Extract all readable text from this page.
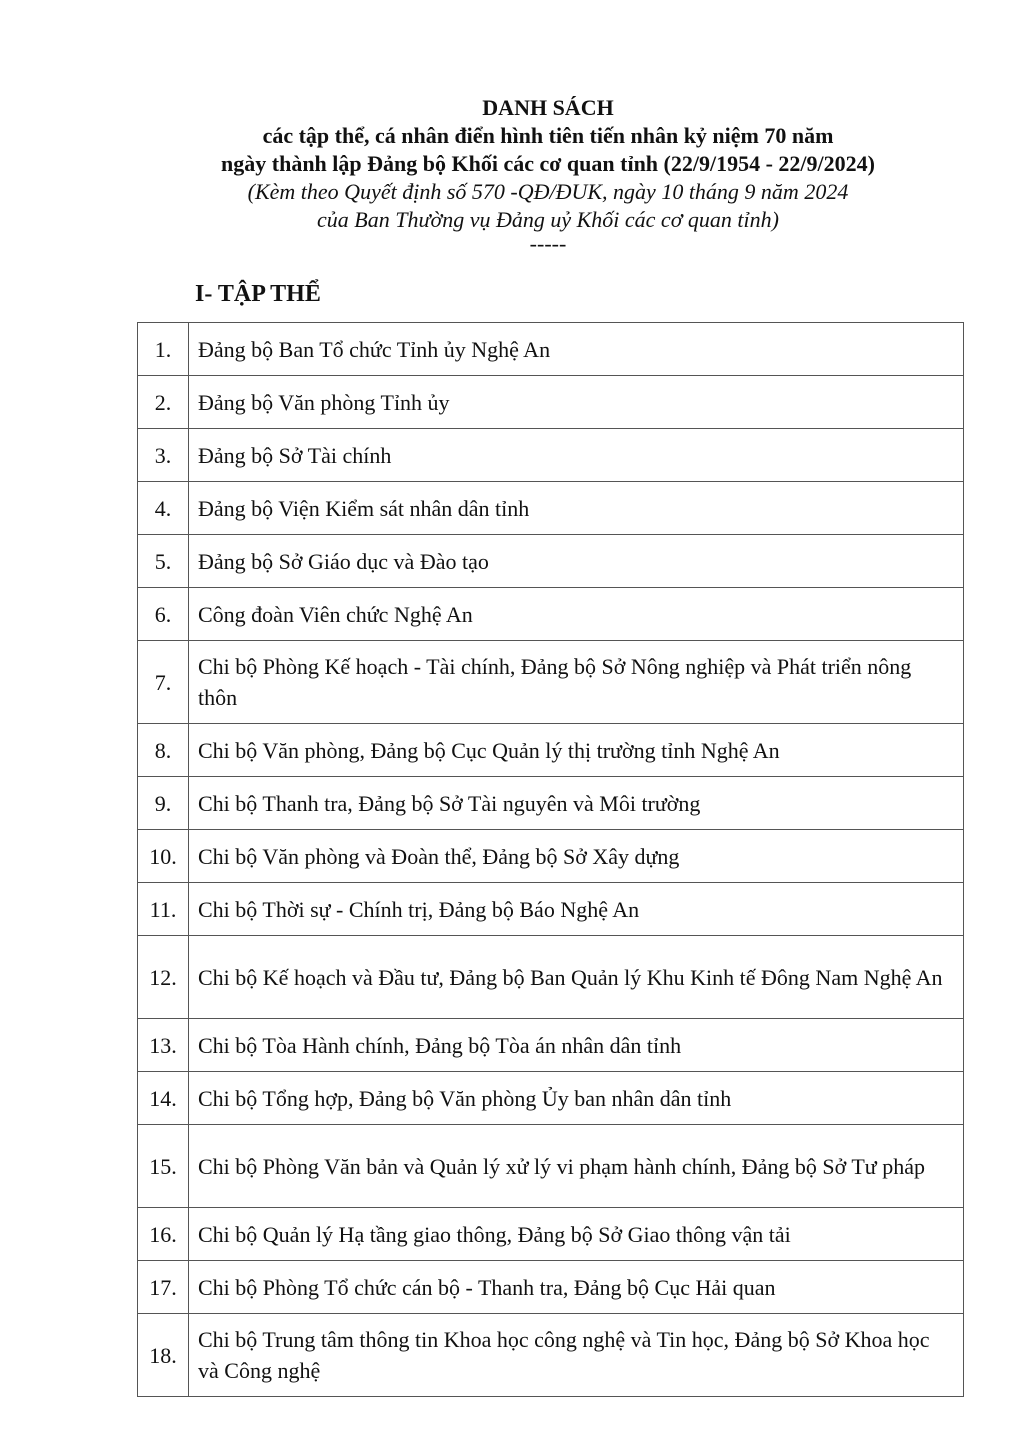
DANH SÁCH
các tập thể, cá nhân điển hình tiên tiến nhân kỷ niệm 70 năm
ngày thành lập Đảng bộ Khối các cơ quan tỉnh (22/9/1954 - 22/9/2024)
(Kèm theo Quyết định số 570 -QĐ/ĐUK, ngày 10 tháng 9 năm 2024
của Ban Thường vụ Đảng uỷ Khối các cơ quan tỉnh)
-----
I- TẬP THỂ
1.	Đảng bộ Ban Tổ chức Tỉnh ủy Nghệ An
2.	Đảng bộ Văn phòng Tỉnh ủy
3.	Đảng bộ Sở Tài chính
4.	Đảng bộ Viện Kiểm sát nhân dân tỉnh
5.	Đảng bộ Sở Giáo dục và Đào tạo
6.	Công đoàn Viên chức Nghệ An
7.	Chi bộ Phòng Kế hoạch - Tài chính, Đảng bộ Sở Nông nghiệp và Phát triển nông thôn
8.	Chi bộ Văn phòng, Đảng bộ Cục Quản lý thị trường tỉnh Nghệ An
9.	Chi bộ Thanh tra, Đảng bộ Sở Tài nguyên và Môi trường
10.	Chi bộ Văn phòng và Đoàn thể, Đảng bộ Sở Xây dựng
11.	Chi bộ Thời sự - Chính trị, Đảng bộ Báo Nghệ An
12.	Chi bộ Kế hoạch và Đầu tư, Đảng bộ Ban Quản lý Khu Kinh tế Đông Nam Nghệ An
13.	Chi bộ Tòa Hành chính, Đảng bộ Tòa án nhân dân tỉnh
14.	Chi bộ Tổng hợp, Đảng bộ Văn phòng Ủy ban nhân dân tỉnh
15.	Chi bộ Phòng Văn bản và Quản lý xử lý vi phạm hành chính, Đảng bộ Sở Tư pháp
16.	Chi bộ Quản lý Hạ tầng giao thông, Đảng bộ Sở Giao thông vận tải
17.	Chi bộ Phòng Tổ chức cán bộ - Thanh tra, Đảng bộ Cục Hải quan
18.	Chi bộ Trung tâm thông tin Khoa học công nghệ và Tin học, Đảng bộ Sở Khoa học và Công nghệ
